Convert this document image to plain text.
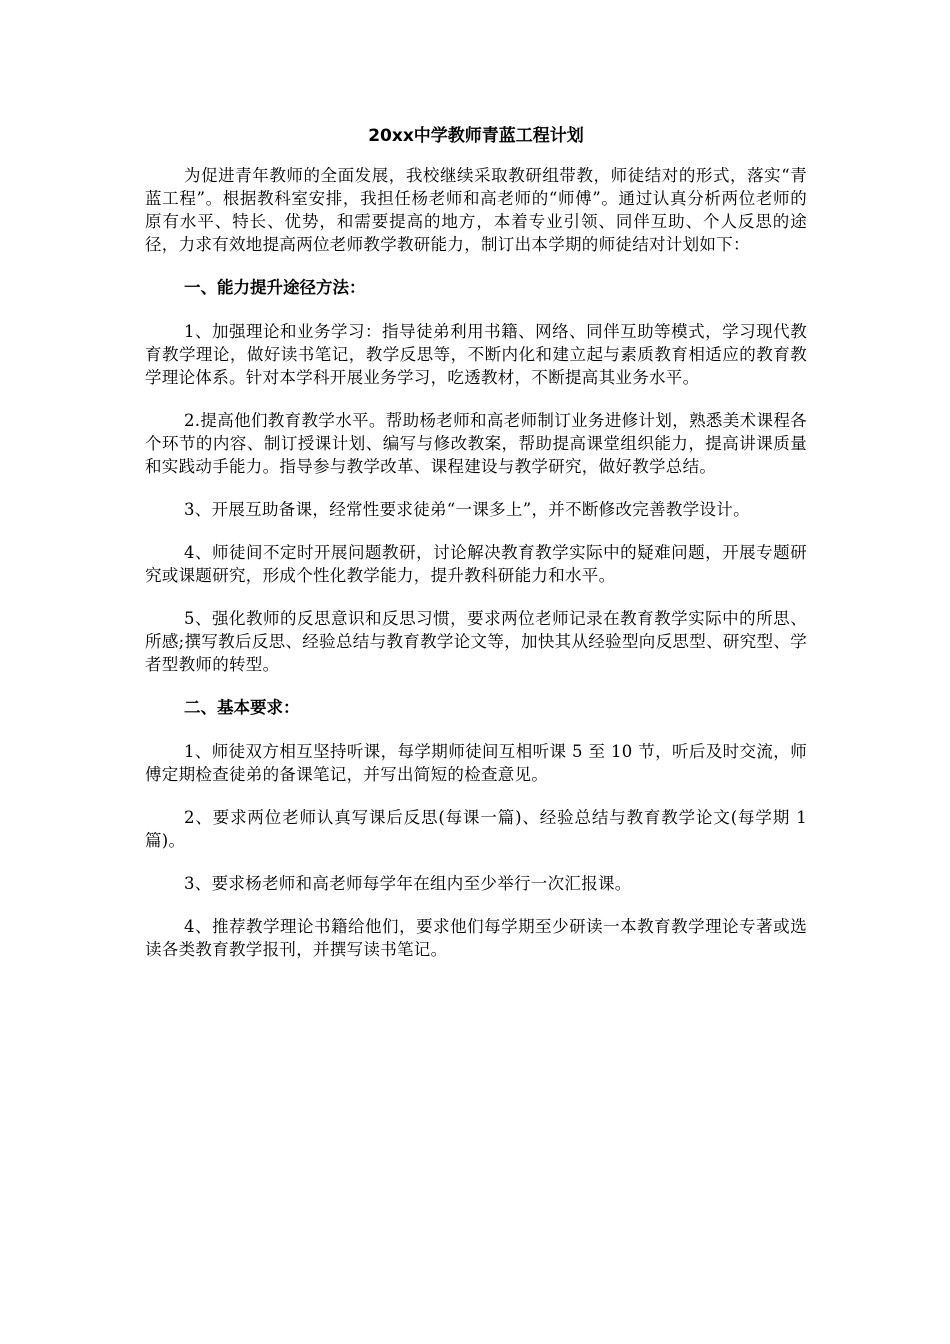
20xx中学教师青蓝工程计划

为促进青年教师的全面发展，我校继续采取教研组带教，师徒结对的形式，落实“青蓝工程”。根据教科室安排，我担任杨老师和高老师的“师傅”。通过认真分析两位老师的原有水平、特长、优势，和需要提高的地方，本着专业引领、同伴互助、个人反思的途径，力求有效地提高两位老师教学教研能力，制订出本学期的师徒结对计划如下：

一、能力提升途径方法：

1、加强理论和业务学习：指导徒弟利用书籍、网络、同伴互助等模式，学习现代教育教学理论，做好读书笔记，教学反思等，不断内化和建立起与素质教育相适应的教育教学理论体系。针对本学科开展业务学习，吃透教材，不断提高其业务水平。

2.提高他们教育教学水平。帮助杨老师和高老师制订业务进修计划，熟悉美术课程各个环节的内容、制订授课计划、编写与修改教案，帮助提高课堂组织能力，提高讲课质量和实践动手能力。指导参与教学改革、课程建设与教学研究，做好教学总结。

3、开展互助备课，经常性要求徒弟“一课多上”，并不断修改完善教学设计。

4、师徒间不定时开展问题教研，讨论解决教育教学实际中的疑难问题，开展专题研究或课题研究，形成个性化教学能力，提升教科研能力和水平。

5、强化教师的反思意识和反思习惯，要求两位老师记录在教育教学实际中的所思、所感;撰写教后反思、经验总结与教育教学论文等，加快其从经验型向反思型、研究型、学者型教师的转型。

二、基本要求：

1、师徒双方相互坚持听课，每学期师徒间互相听课 5 至 10 节，听后及时交流，师傅定期检查徒弟的备课笔记，并写出简短的检查意见。

2、要求两位老师认真写课后反思(每课一篇)、经验总结与教育教学论文(每学期 1 篇)。

3、要求杨老师和高老师每学年在组内至少举行一次汇报课。

4、推荐教学理论书籍给他们，要求他们每学期至少研读一本教育教学理论专著或选读各类教育教学报刊，并撰写读书笔记。
